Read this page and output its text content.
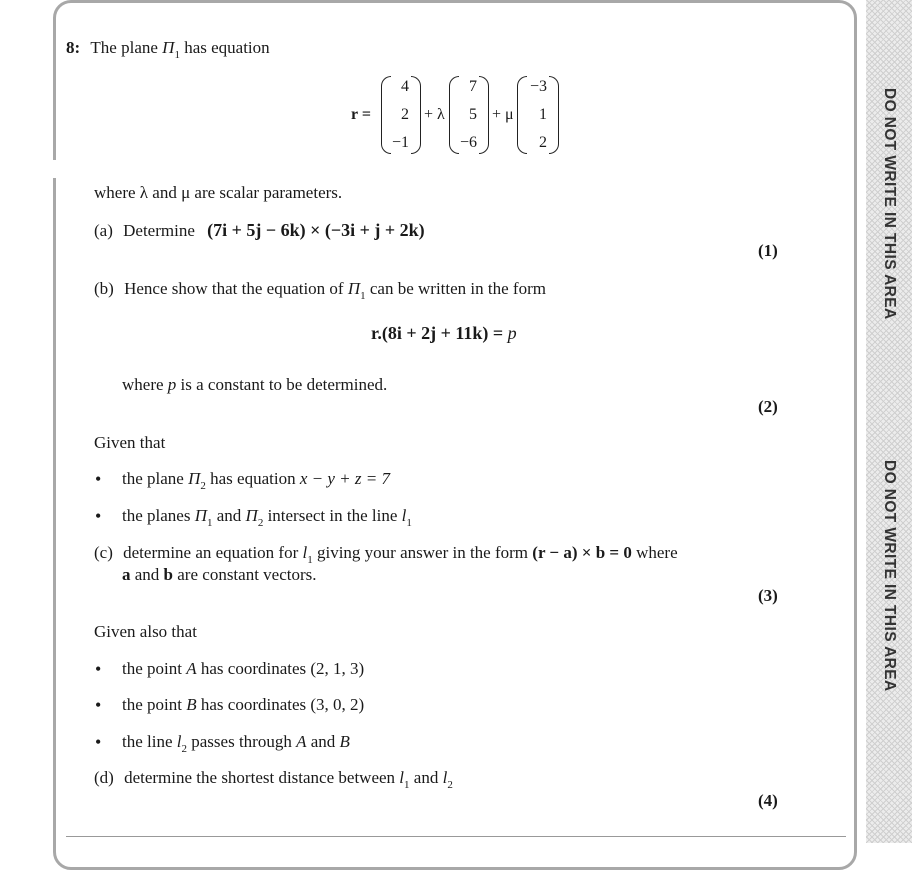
DO NOT WRITE IN THIS AREA
DO NOT WRITE IN THIS AREA
8: The plane $\Pi_1$ has equation
r =
4
2
−1
+ λ
7
5
−6
+ μ
−3
1
2
where λ and μ are scalar parameters.
(a) Determine (7i + 5j − 6k) × (−3i + j + 2k)
(1)
(b) Hence show that the equation of $\Pi_1$ can be written in the form
r.(8i + 2j + 11k) = p
where p is a constant to be determined.
(2)
Given that
• the plane $\Pi_2$ has equation x − y + z = 7
• the planes $\Pi_1$ and $\Pi_2$ intersect in the line $l_1$
(c) determine an equation for $l_1$ giving your answer in the form (r − a) × b = 0 where
a and b are constant vectors.
(3)
Given also that
• the point A has coordinates (2, 1, 3)
• the point B has coordinates (3, 0, 2)
• the line $l_2$ passes through A and B
(d) determine the shortest distance between $l_1$ and $l_2$
(4)
